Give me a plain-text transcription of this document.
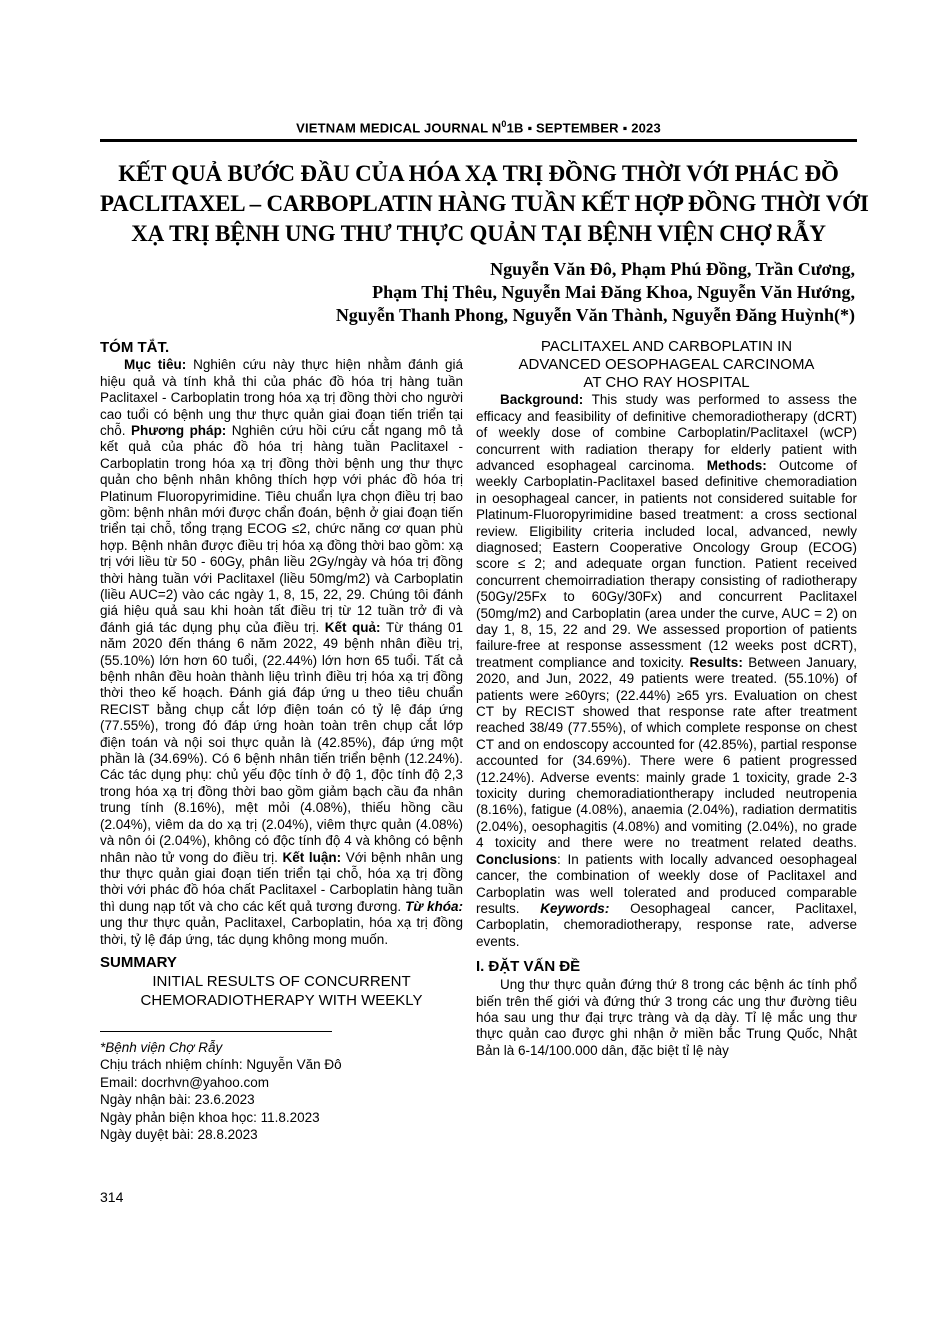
VIETNAM MEDICAL JOURNAL $N^01B$ ▪ SEPTEMBER ▪ 2023
KẾT QUẢ BƯỚC ĐẦU CỦA HÓA XẠ TRỊ ĐỒNG THỜI VỚI PHÁC ĐỒ
PACLITAXEL – CARBOPLATIN HÀNG TUẦN KẾT HỢP ĐỒNG THỜI VỚI
XẠ TRỊ BỆNH UNG THƯ THỰC QUẢN TẠI BỆNH VIỆN CHỢ RẪY
Nguyễn Văn Đô, Phạm Phú Đồng, Trần Cương,
Phạm Thị Thêu, Nguyễn Mai Đăng Khoa, Nguyễn Văn Hướng,
Nguyễn Thanh Phong, Nguyễn Văn Thành, Nguyễn Đăng Huỳnh(*)
TÓM TẮT.

Mục tiêu: Nghiên cứu này thực hiện nhằm đánh giá hiệu quả và tính khả thi của phác đồ hóa trị hàng tuần Paclitaxel - Carboplatin trong hóa xạ trị đồng thời cho người cao tuổi có bệnh ung thư thực quản giai đoạn tiến triển tại chỗ. Phương pháp: Nghiên cứu hồi cứu cắt ngang mô tả kết quả của phác đồ hóa trị hàng tuần Paclitaxel - Carboplatin trong hóa xạ trị đồng thời bệnh ung thư thực quản cho bệnh nhân không thích hợp với phác đồ hóa trị Platinum Fluoropyrimidine. Tiêu chuẩn lựa chọn điều trị bao gồm: bệnh nhân mới được chẩn đoán, bệnh ở giai đoạn tiến triển tại chỗ, tổng trạng ECOG ≤2, chức năng cơ quan phù hợp. Bệnh nhân được điều trị hóa xạ đồng thời bao gồm: xạ trị với liều từ 50 - 60Gy, phân liều 2Gy/ngày và hóa trị đồng thời hàng tuần với Paclitaxel (liều 50mg/m2) và Carboplatin (liều AUC=2) vào các ngày 1, 8, 15, 22, 29. Chúng tôi đánh giá hiệu quả sau khi hoàn tất điều trị từ 12 tuần trở đi và đánh giá tác dụng phụ của điều trị. Kết quả: Từ tháng 01 năm 2020 đến tháng 6 năm 2022, 49 bệnh nhân điều trị, (55.10%) lớn hơn 60 tuổi, (22.44%) lớn hơn 65 tuổi. Tất cả bệnh nhân đều hoàn thành liệu trình điều trị hóa xạ trị đồng thời theo kế hoạch. Đánh giá đáp ứng u theo tiêu chuẩn RECIST bằng chụp cắt lớp điện toán có tỷ lệ đáp ứng (77.55%), trong đó đáp ứng hoàn toàn trên chụp cắt lớp điện toán và nội soi thực quản là (42.85%), đáp ứng một phần là (34.69%). Có 6 bệnh nhân tiến triển bệnh (12.24%). Các tác dụng phụ: chủ yếu độc tính ở độ 1, độc tính độ 2,3 trong hóa xạ trị đồng thời bao gồm giảm bạch cầu đa nhân trung tính (8.16%), mệt mỏi (4.08%), thiếu hồng cầu (2.04%), viêm da do xạ trị (2.04%), viêm thực quản (4.08%) và nôn ói (2.04%), không có độc tính độ 4 và không có bệnh nhân nào tử vong do điều trị. Kết luận: Với bệnh nhân ung thư thực quản giai đoạn tiến triển tại chỗ, hóa xạ trị đồng thời với phác đồ hóa chất Paclitaxel - Carboplatin hàng tuần thì dung nạp tốt và cho các kết quả tương đương. Từ khóa: ung thư thực quản, Paclitaxel, Carboplatin, hóa xạ trị đồng thời, tỷ lệ đáp ứng, tác dụng không mong muốn.

SUMMARY
INITIAL RESULTS OF CONCURRENT
CHEMORADIOTHERAPY WITH WEEKLY
*Bệnh viện Chợ Rẫy
Chịu trách nhiệm chính: Nguyễn Văn Đô
Email: docrhvn@yahoo.com
Ngày nhận bài: 23.6.2023
Ngày phản biện khoa học: 11.8.2023
Ngày duyệt bài: 28.8.2023
314
PACLITAXEL AND CARBOPLATIN IN
ADVANCED OESOPHAGEAL CARCINOMA
AT CHO RAY HOSPITAL

Background: This study was performed to assess the efficacy and feasibility of definitive chemoradiotherapy (dCRT) of weekly dose of combine Carboplatin/Paclitaxel (wCP) concurrent with radiation therapy for elderly patient with advanced esophageal carcinoma. Methods: Outcome of weekly Carboplatin-Paclitaxel based definitive chemoradiation in oesophageal cancer, in patients not considered suitable for Platinum-Fluoropyrimidine based treatment: a cross sectional review. Eligibility criteria included local, advanced, newly diagnosed; Eastern Cooperative Oncology Group (ECOG) score ≤ 2; and adequate organ function. Patient received concurrent chemoirradiation therapy consisting of radiotherapy (50Gy/25Fx to 60Gy/30Fx) and concurrent Paclitaxel (50mg/m2) and Carboplatin (area under the curve, AUC = 2) on day 1, 8, 15, 22 and 29. We assessed proportion of patients failure-free at response assessment (12 weeks post dCRT), treatment compliance and toxicity. Results: Between January, 2020, and Jun, 2022, 49 patients were treated. (55.10%) of patients were ≥60yrs; (22.44%) ≥65 yrs. Evaluation on chest CT by RECIST showed that response rate after treatment reached 38/49 (77.55%), of which complete response on chest CT and on endoscopy accounted for (42.85%), partial response accounted for (34.69%). There were 6 patient progressed (12.24%). Adverse events: mainly grade 1 toxicity, grade 2-3 toxicity during chemoradiationtherapy included neutropenia (8.16%), fatigue (4.08%), anaemia (2.04%), radiation dermatitis (2.04%), oesophagitis (4.08%) and vomiting (2.04%), no grade 4 toxicity and there were no treatment related deaths. Conclusions: In patients with locally advanced oesophageal cancer, the combination of weekly dose of Paclitaxel and Carboplatin was well tolerated and produced comparable results. Keywords: Oesophageal cancer, Paclitaxel, Carboplatin, chemoradiotherapy, response rate, adverse events.

I. ĐẶT VẤN ĐỀ

Ung thư thực quản đứng thứ 8 trong các bệnh ác tính phổ biến trên thế giới và đứng thứ 3 trong các ung thư đường tiêu hóa sau ung thư đại trực tràng và dạ dày. Tỉ lệ mắc ung thư thực quản cao được ghi nhận ở miền bắc Trung Quốc, Nhật Bản là 6-14/100.000 dân, đặc biệt tỉ lệ này
